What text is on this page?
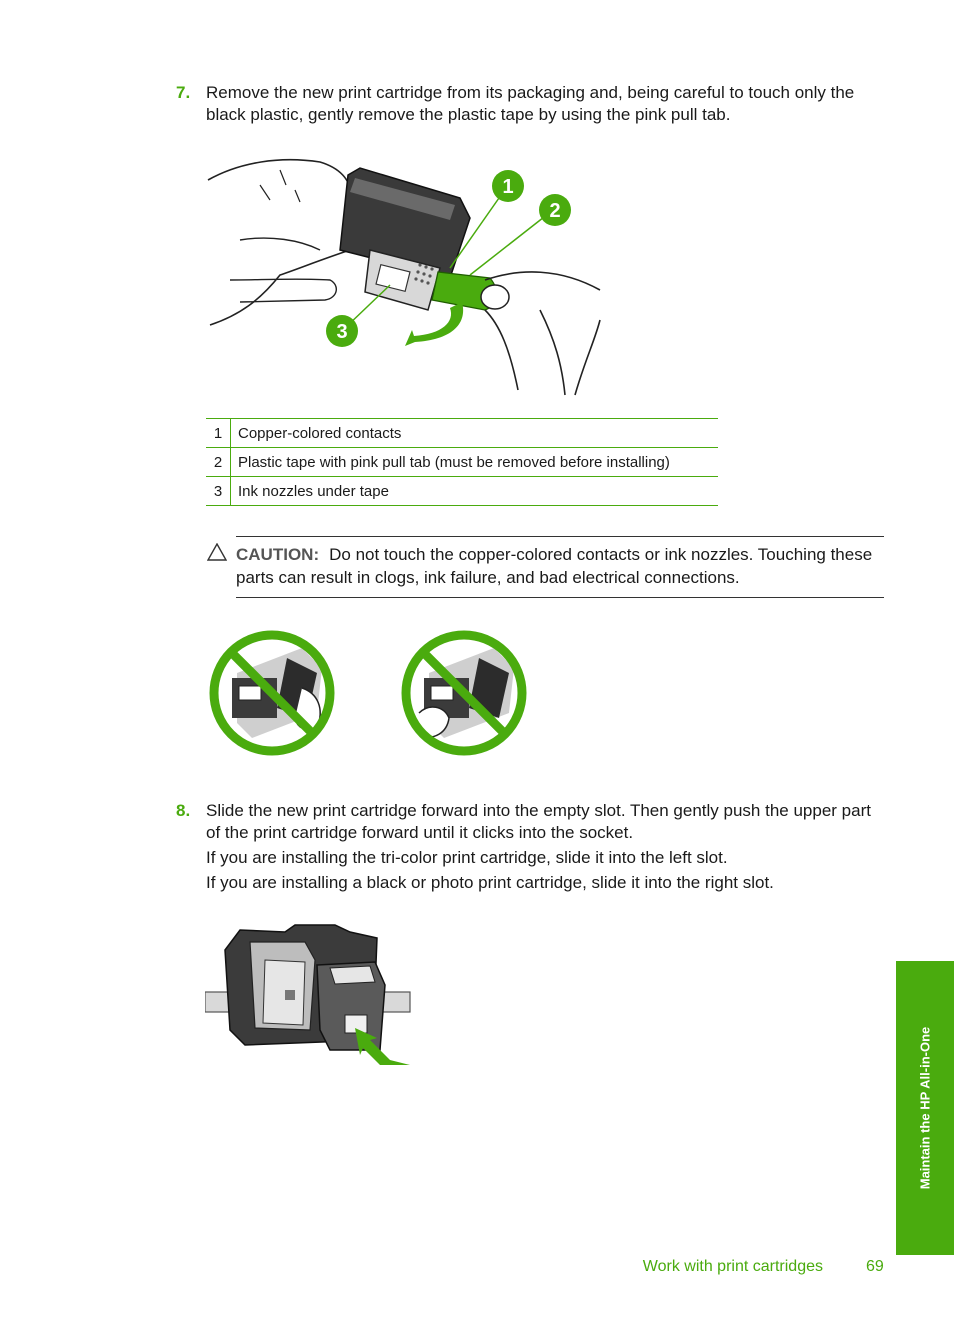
7. Remove the new print cartridge from its packaging and, being careful to touch only the black plastic, gently remove the plastic tape by using the pink pull tab.

1
2
3
1	Copper-colored contacts
2	Plastic tape with pink pull tab (must be removed before installing)
3	Ink nozzles under tape
CAUTION: Do not touch the copper-colored contacts or ink nozzles. Touching these parts can result in clogs, ink failure, and bad electrical connections.
8. Slide the new print cartridge forward into the empty slot. Then gently push the upper part of the print cartridge forward until it clicks into the socket.

If you are installing the tri-color print cartridge, slide it into the left slot.

If you are installing a black or photo print cartridge, slide it into the right slot.

Maintain the HP All-in-One
Work with print cartridges	69
